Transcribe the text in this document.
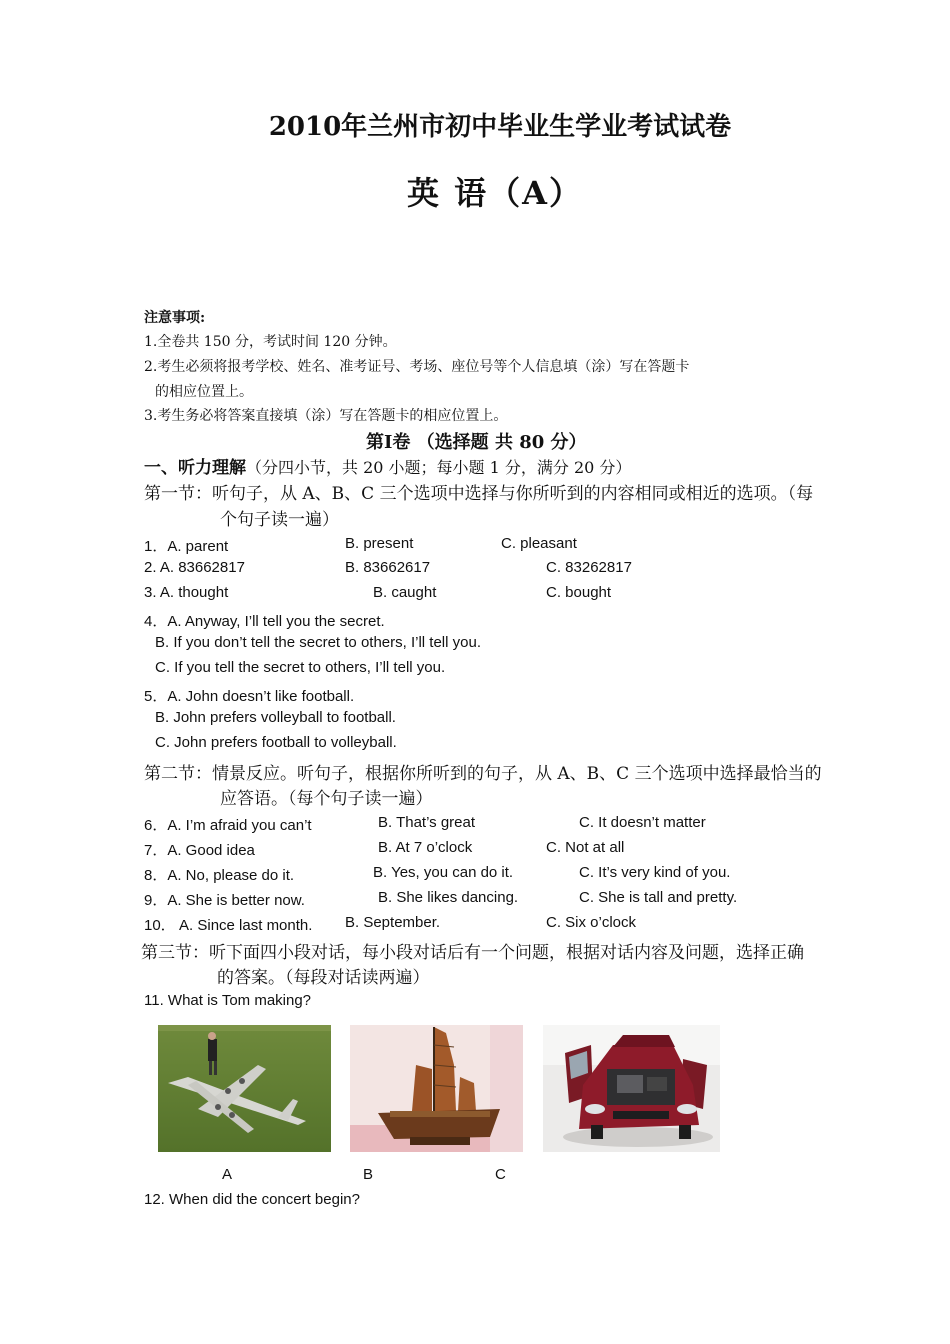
2010年兰州市初中毕业生学业考试试卷
英 语（A）
注意事项:
1.全卷共 150 分，考试时间 120 分钟。
2.考生必须将报考学校、姓名、准考证号、考场、座位号等个人信息填（涂）写在答题卡
的相应位置上。
3.考生务必将答案直接填（涂）写在答题卡的相应位置上。
第Ⅰ卷 （选择题 共 80 分）
一、听力理解（分四小节，共 20 小题；每小题 1 分，满分 20 分）
第一节：听句子，从 A、B、C 三个选项中选择与你所听到的内容相同或相近的选项。（每
个句子读一遍）
1．A. parent	B. present	C. pleasant
2. A. 83662817	B. 83662617	C. 83262817
3. A. thought	B. caught	C. bought
4．A. Anyway, I’ll tell you the secret.
B. If you don’t tell the secret to others, I’ll tell you.
C. If you tell the secret to others, I’ll tell you.
5．A. John doesn’t like football.
B. John prefers volleyball to football.
C. John prefers football to volleyball.
第二节：情景反应。听句子，根据你所听到的句子，从 A、B、C 三个选项中选择最恰当的
应答语。（每个句子读一遍）
6．A. I’m afraid you can’t	B. That’s great	C. It doesn’t matter
7．A. Good idea	B. At 7 o’clock	C. Not at all
8．A. No, please do it.	B. Yes, you can do it.	C. It’s very kind of you.
9．A. She is better now.	B. She likes dancing.	C. She is tall and pretty.
10． A. Since last month. B. September.	C. Six o’clock
第三节：听下面四小段对话，每小段对话后有一个问题，根据对话内容及问题，选择正确
的答案。（每段对话读两遍）
11. What is Tom making?
A	B	C
12. When did the concert begin?
